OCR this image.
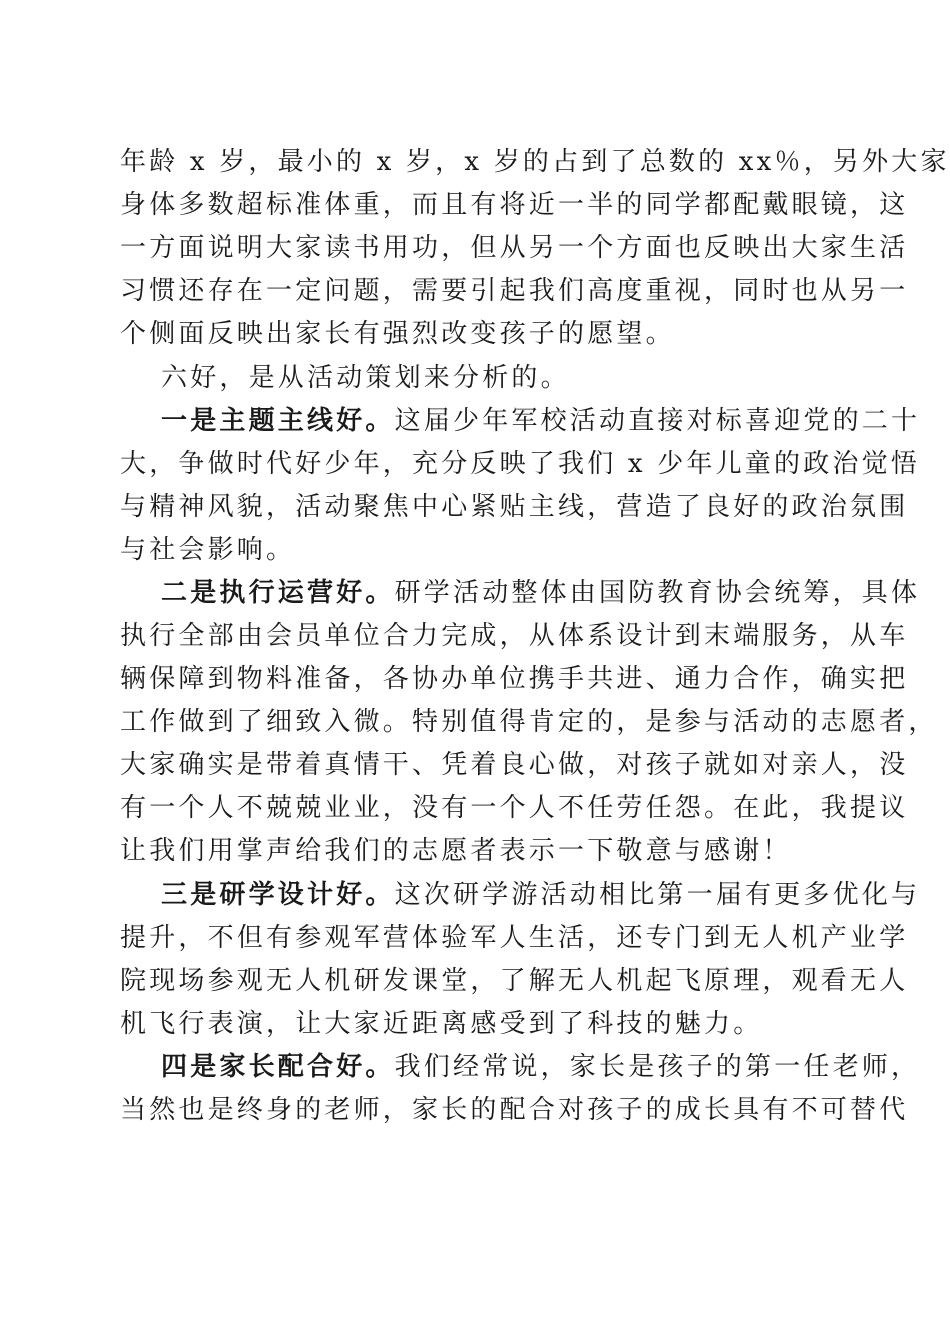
年龄 x 岁，最小的 x 岁，x 岁的占到了总数的 xx％，另外大家
身体多数超标准体重，而且有将近一半的同学都配戴眼镜，这
一方面说明大家读书用功，但从另一个方面也反映出大家生活
习惯还存在一定问题，需要引起我们高度重视，同时也从另一
个侧面反映出家长有强烈改变孩子的愿望。
六好，是从活动策划来分析的。
一是主题主线好。这届少年军校活动直接对标喜迎党的二十
大，争做时代好少年，充分反映了我们 x 少年儿童的政治觉悟
与精神风貌，活动聚焦中心紧贴主线，营造了良好的政治氛围
与社会影响。
二是执行运营好。研学活动整体由国防教育协会统筹，具体
执行全部由会员单位合力完成，从体系设计到末端服务，从车
辆保障到物料准备，各协办单位携手共进、通力合作，确实把
工作做到了细致入微。特别值得肯定的，是参与活动的志愿者，
大家确实是带着真情干、凭着良心做，对孩子就如对亲人，没
有一个人不兢兢业业，没有一个人不任劳任怨。在此，我提议
让我们用掌声给我们的志愿者表示一下敬意与感谢！
三是研学设计好。这次研学游活动相比第一届有更多优化与
提升，不但有参观军营体验军人生活，还专门到无人机产业学
院现场参观无人机研发课堂，了解无人机起飞原理，观看无人
机飞行表演，让大家近距离感受到了科技的魅力。
四是家长配合好。我们经常说，家长是孩子的第一任老师，
当然也是终身的老师，家长的配合对孩子的成长具有不可替代
